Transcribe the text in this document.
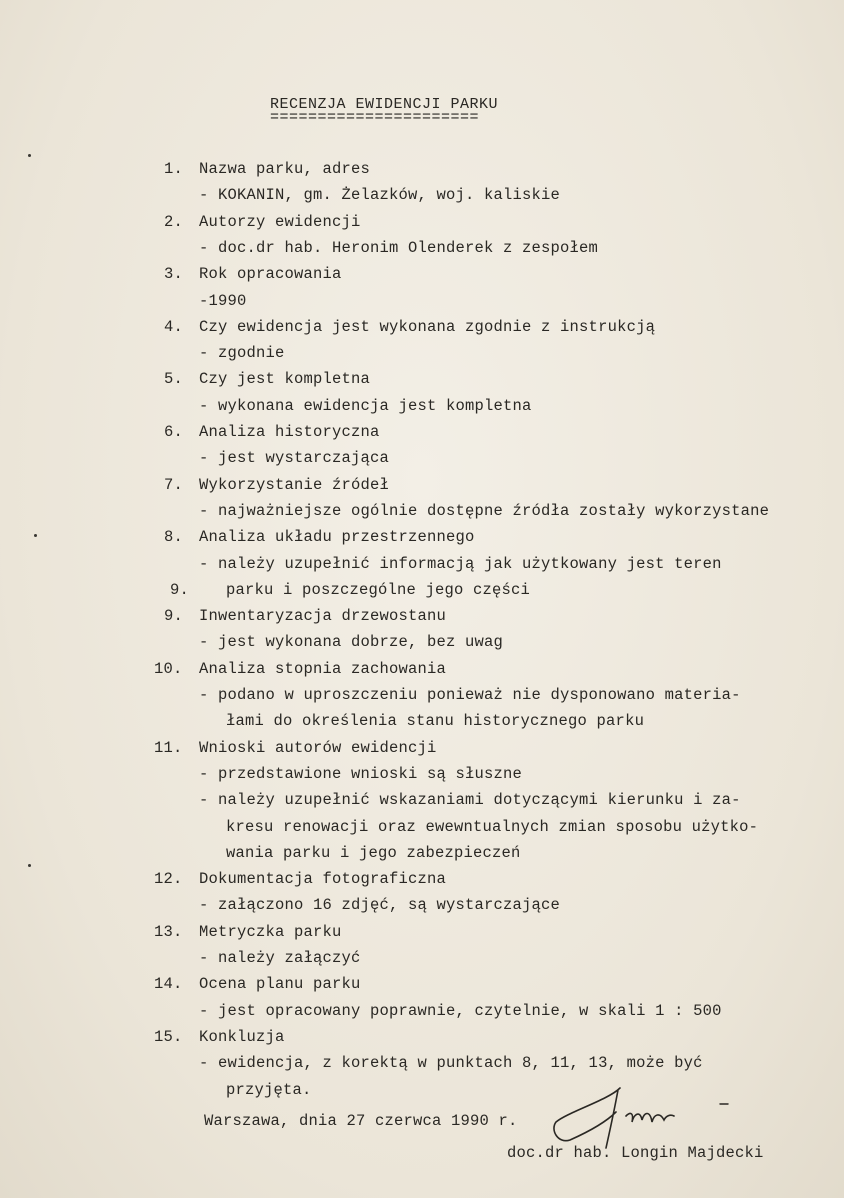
RECENZJA EWIDENCJI PARKU
======================
1. Nazwa parku, adres
- KOKANIN, gm. Żelazków, woj. kaliskie
2. Autorzy ewidencji
- doc.dr hab. Heronim Olenderek z zespołem
3. Rok opracowania
-1990
4. Czy ewidencja jest wykonana zgodnie z instrukcją
- zgodnie
5. Czy jest kompletna
- wykonana ewidencja jest kompletna
6. Analiza historyczna
- jest wystarczająca
7. Wykorzystanie źródeł
- najważniejsze ogólnie dostępne źródła zostały wykorzystane
8. Analiza układu przestrzennego
- należy uzupełnić informacją jak użytkowany jest teren
parku i poszczególne jego części
9.
9. Inwentaryzacja drzewostanu
- jest wykonana dobrze, bez uwag
10. Analiza stopnia zachowania
- podano w uproszczeniu ponieważ nie dysponowano materia-
łami do określenia stanu historycznego parku
11. Wnioski autorów ewidencji
- przedstawione wnioski są słuszne
- należy uzupełnić wskazaniami dotyczącymi kierunku i za-
kresu renowacji oraz ewewntualnych zmian sposobu użytko-
wania parku i jego zabezpieczeń
12. Dokumentacja fotograficzna
- załączono 16 zdjęć, są wystarczające
13. Metryczka parku
- należy załączyć
14. Ocena planu parku
- jest opracowany poprawnie, czytelnie, w skali 1 : 500
15. Konkluzja
- ewidencja, z korektą w punktach 8, 11, 13, może być
przyjęta.
Warszawa, dnia 27 czerwca 1990 r.
doc.dr hab. Longin Majdecki
